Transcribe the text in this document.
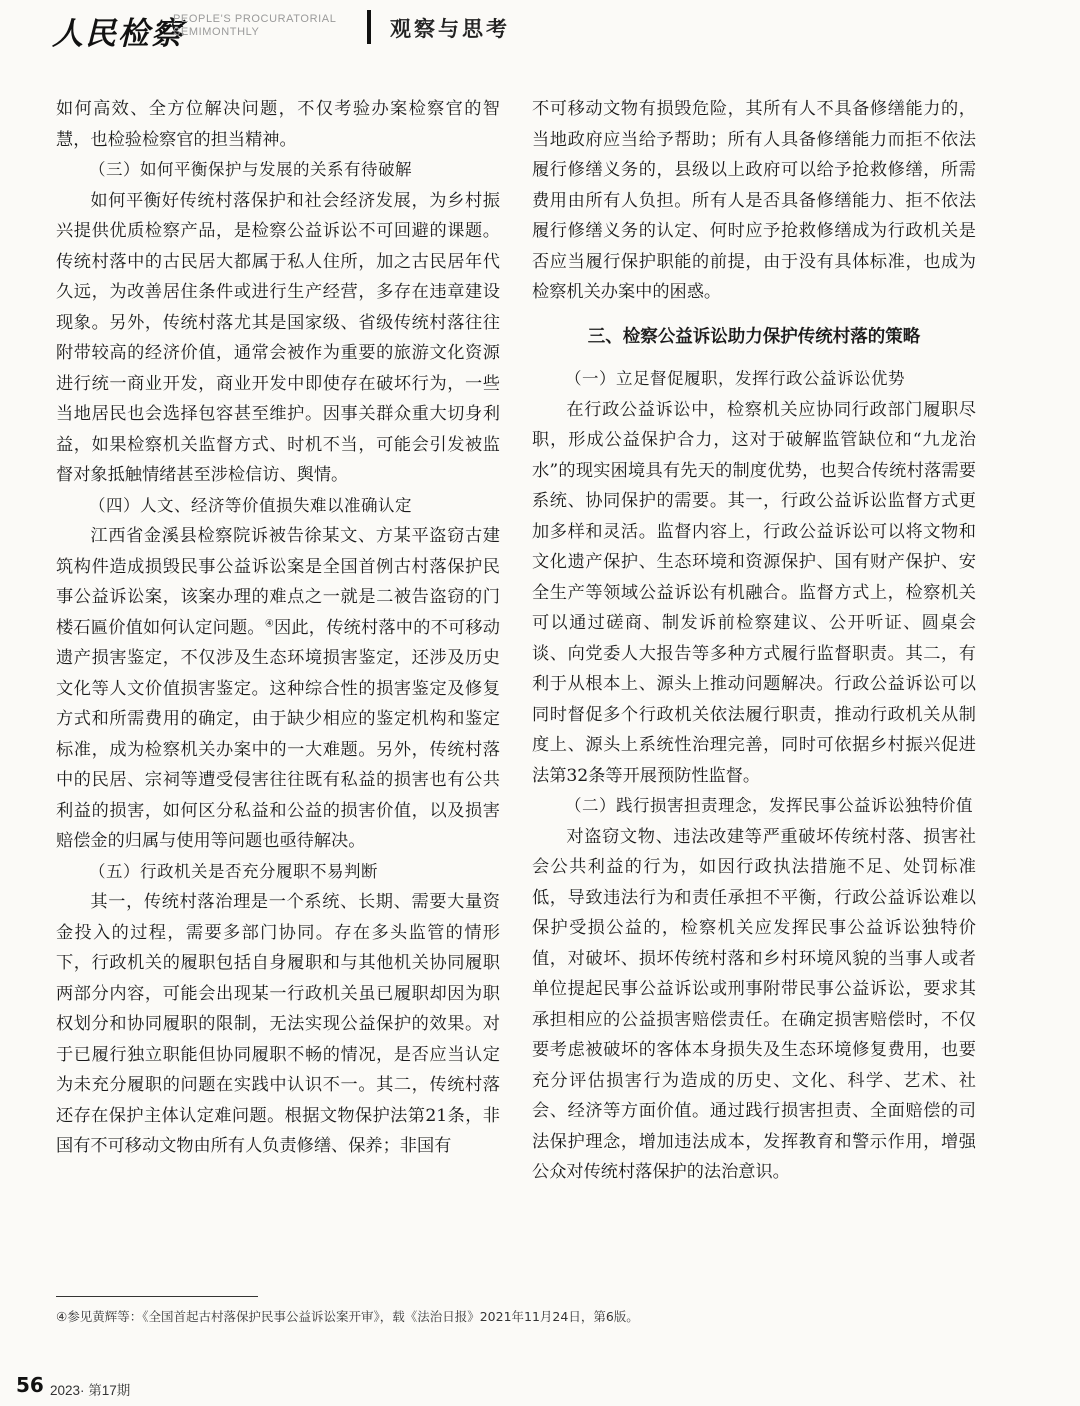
人民检察
PEOPLE'S PROCURATORIAL
SEMIMONTHLY	观察与思考

如何高效、全方位解决问题，不仅考验办案检察官的智慧，也检验检察官的担当精神。

（三）如何平衡保护与发展的关系有待破解

如何平衡好传统村落保护和社会经济发展，为乡村振兴提供优质检察产品，是检察公益诉讼不可回避的课题。传统村落中的古民居大都属于私人住所，加之古民居年代久远，为改善居住条件或进行生产经营，多存在违章建设现象。另外，传统村落尤其是国家级、省级传统村落往往附带较高的经济价值，通常会被作为重要的旅游文化资源进行统一商业开发，商业开发中即使存在破坏行为，一些当地居民也会选择包容甚至维护。因事关群众重大切身利益，如果检察机关监督方式、时机不当，可能会引发被监督对象抵触情绪甚至涉检信访、舆情。

（四）人文、经济等价值损失难以准确认定

江西省金溪县检察院诉被告徐某文、方某平盗窃古建筑构件造成损毁民事公益诉讼案是全国首例古村落保护民事公益诉讼案，该案办理的难点之一就是二被告盗窃的门楼石匾价值如何认定问题。④因此，传统村落中的不可移动遗产损害鉴定，不仅涉及生态环境损害鉴定，还涉及历史文化等人文价值损害鉴定。这种综合性的损害鉴定及修复方式和所需费用的确定，由于缺少相应的鉴定机构和鉴定标准，成为检察机关办案中的一大难题。另外，传统村落中的民居、宗祠等遭受侵害往往既有私益的损害也有公共利益的损害，如何区分私益和公益的损害价值，以及损害赔偿金的归属与使用等问题也亟待解决。

（五）行政机关是否充分履职不易判断

其一，传统村落治理是一个系统、长期、需要大量资金投入的过程，需要多部门协同。存在多头监管的情形下，行政机关的履职包括自身履职和与其他机关协同履职两部分内容，可能会出现某一行政机关虽已履职却因为职权划分和协同履职的限制，无法实现公益保护的效果。对于已履行独立职能但协同履职不畅的情况，是否应当认定为未充分履职的问题在实践中认识不一。其二，传统村落还存在保护主体认定难问题。根据文物保护法第21条，非国有不可移动文物由所有人负责修缮、保养；非国有

不可移动文物有损毁危险，其所有人不具备修缮能力的，当地政府应当给予帮助；所有人具备修缮能力而拒不依法履行修缮义务的，县级以上政府可以给予抢救修缮，所需费用由所有人负担。所有人是否具备修缮能力、拒不依法履行修缮义务的认定、何时应予抢救修缮成为行政机关是否应当履行保护职能的前提，由于没有具体标准，也成为检察机关办案中的困惑。

三、检察公益诉讼助力保护传统村落的策略
（一）立足督促履职，发挥行政公益诉讼优势

在行政公益诉讼中，检察机关应协同行政部门履职尽职，形成公益保护合力，这对于破解监管缺位和“九龙治水”的现实困境具有先天的制度优势，也契合传统村落需要系统、协同保护的需要。其一，行政公益诉讼监督方式更加多样和灵活。监督内容上，行政公益诉讼可以将文物和文化遗产保护、生态环境和资源保护、国有财产保护、安全生产等领域公益诉讼有机融合。监督方式上，检察机关可以通过磋商、制发诉前检察建议、公开听证、圆桌会谈、向党委人大报告等多种方式履行监督职责。其二，有利于从根本上、源头上推动问题解决。行政公益诉讼可以同时督促多个行政机关依法履行职责，推动行政机关从制度上、源头上系统性治理完善，同时可依据乡村振兴促进法第32条等开展预防性监督。

（二）践行损害担责理念，发挥民事公益诉讼独特价值

对盗窃文物、违法改建等严重破坏传统村落、损害社会公共利益的行为，如因行政执法措施不足、处罚标准低，导致违法行为和责任承担不平衡，行政公益诉讼难以保护受损公益的，检察机关应发挥民事公益诉讼独特价值，对破坏、损坏传统村落和乡村环境风貌的当事人或者单位提起民事公益诉讼或刑事附带民事公益诉讼，要求其承担相应的公益损害赔偿责任。在确定损害赔偿时，不仅要考虑被破坏的客体本身损失及生态环境修复费用，也要充分评估损害行为造成的历史、文化、科学、艺术、社会、经济等方面价值。通过践行损害担责、全面赔偿的司法保护理念，增加违法成本，发挥教育和警示作用，增强公众对传统村落保护的法治意识。

④参见黄辉等：《全国首起古村落保护民事公益诉讼案开审》，载《法治日报》2021年11月24日，第6版。
56 2023· 第17期
